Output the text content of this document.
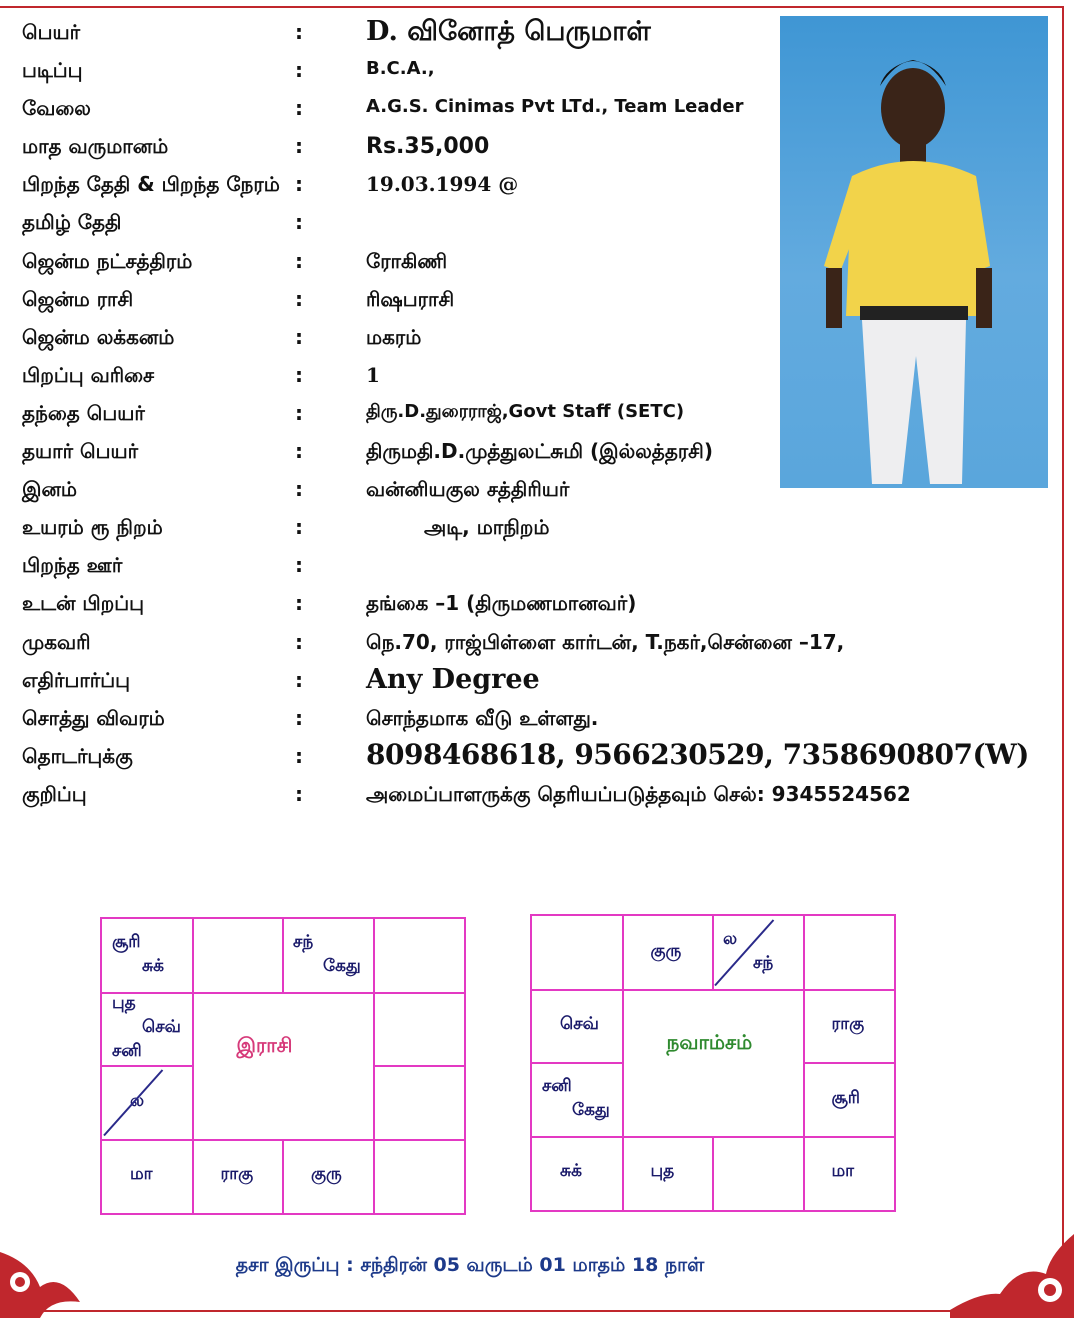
பெயர்	: D. வினோத் பெருமாள்
படிப்பு	:	B.C.A.,
வேலை	:	A.G.S. Cinimas Pvt LTd., Team Leader
மாத வருமானம்	:	Rs.35,000
பிறந்த தேதி & பிறந்த நேரம் :	19.03.1994 @
தமிழ் தேதி	:
ஜென்ம நட்சத்திரம்	:	ரோகிணி
ஜென்ம ராசி	:	ரிஷபராசி
ஜென்ம லக்கனம்	:	மகரம்
பிறப்பு வரிசை	:	1
தந்தை பெயர்	:	திரு.D.துரைராஜ்,Govt Staff (SETC)
தயார் பெயர்	:	திருமதி.D.முத்துலட்சுமி (இல்லத்தரசி)
இனம்	:	வன்னியகுல சத்திரியர்
உயரம் ரூ நிறம்	:	அடி, மாநிறம்
பிறந்த ஊர்	:
உடன் பிறப்பு	:	தங்கை –1 (திருமணமானவர்)
முகவரி	:	நெ.70, ராஜ்பிள்ளை கார்டன், T.நகர்,சென்னை –17,
எதிர்பார்ப்பு	: Any Degree
சொத்து விவரம்	:	சொந்தமாக வீடு உள்ளது.
தொடர்புக்கு	: 8098468618, 9566230529, 7358690807(W)
குறிப்பு	:	அமைப்பாளருக்கு தெரியப்படுத்தவும் செல்: 9345524562
சூரி
சுக்
சந்
கேது
புத
செவ்
சனி
ல
மா	ராகு	குரு
இராசி
குரு
ல
சந்
செவ்	ராகு
சனி
கேது
சூரி
சுக்	புத	மா
நவாம்சம்
தசா இருப்பு : சந்திரன் 05 வருடம் 01 மாதம் 18 நாள்
